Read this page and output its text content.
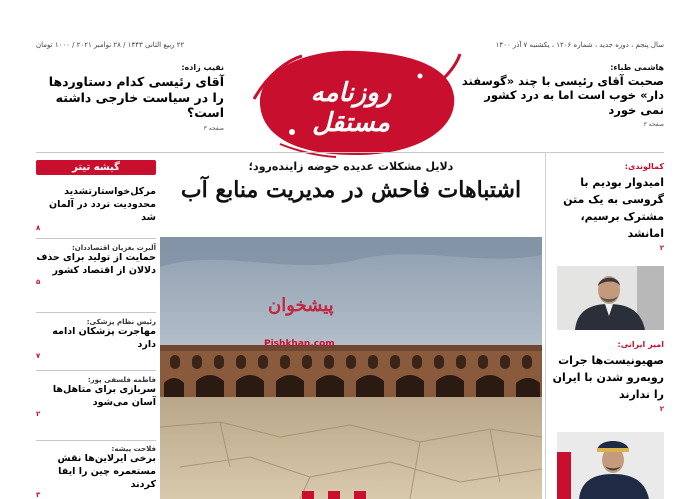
سال پنجم ، دوره جدید ، شماره ۱۲۰۶ ، یکشنبه ۷ آذر ۱۴۰۰
۲۲ ربیع الثانی ۱۴۴۳ / ۲۸ نوامبر ۲۰۲۱ / ۱۰۰۰ تومان
روزنامه مستقل
هاشمی طباء:
صحبت آقای رئیسی با چند «گوسفند دار» خوب است اما به درد کشور نمی خورد
صفحه ۳
نقیب زاده:
آقای رئیسی کدام دستاوردها را در سیاست خارجی داشته است؟
صفحه ۳
دلایل مشکلات عدیده حوضه زاینده‌رود؛
اشتباهات فاحش در مدیریت منابع آب
پیشخوان
Pishkhan.com
کمالوندی:
امیدوار بودیم با گروسی به یک متن مشترک برسیم، امانشد
۲
امیر ایرانی:
صهیونیست‌ها جرات روبه‌رو شدن با ایران را ندارند
۲
گیشه تیتر
مرکل‌خواستارتشدید محدودیت تردد در آلمان شد
۸
آلبرت بغزیان اقتصاددان:
حمایت از تولید برای حذف دلالان از اقتصاد کشور
۵
رئیس نظام پزشکی:
مهاجرت پزشکان ادامه دارد
۷
فاطمه فلسفی پور:
سربازی برای متاهل‌ها آسان می‌شود
۲
فلاحت پیشه:
برخی ایرلاین‌ها نقش مستعمره چین را ایفا کردند
۳
